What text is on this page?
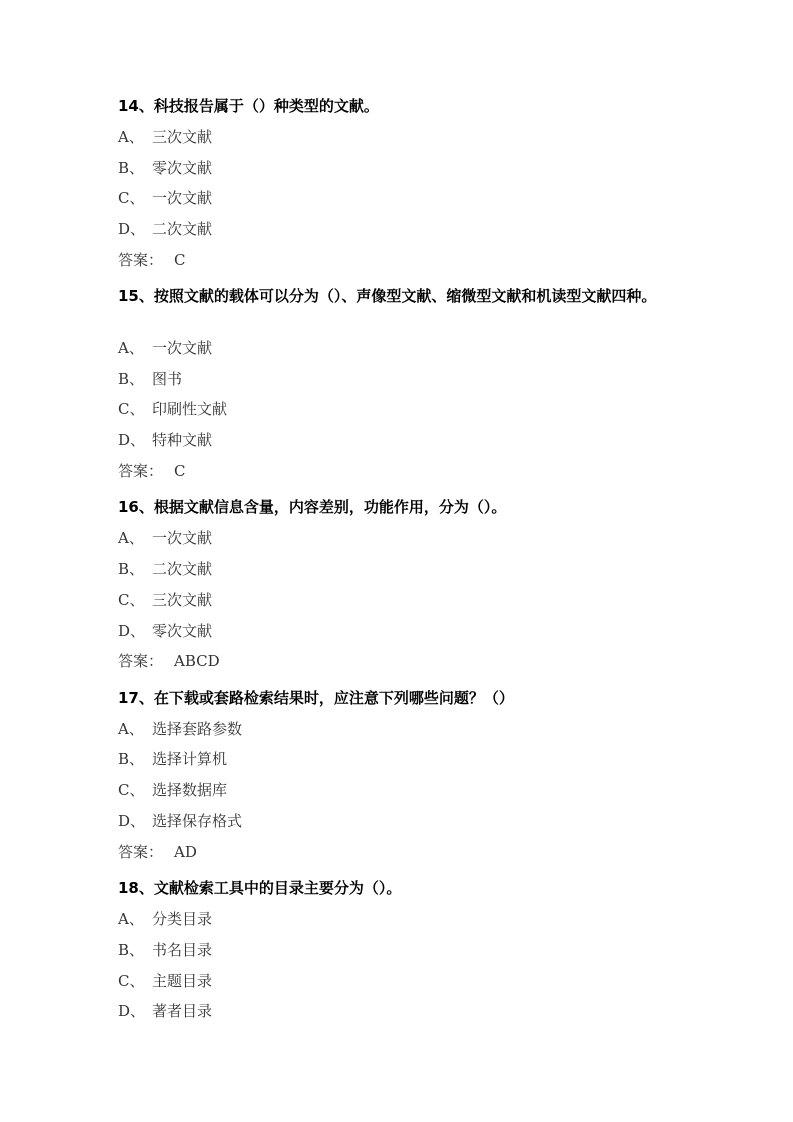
14、科技报告属于（）种类型的文献。
A、 三次文献
B、 零次文献
C、 一次文献
D、 二次文献
答案： C
15、按照文献的载体可以分为（）、声像型文献、缩微型文献和机读型文献四种。
A、 一次文献
B、 图书
C、 印刷性文献
D、 特种文献
答案： C
16、根据文献信息含量，内容差别，功能作用，分为（）。
A、 一次文献
B、 二次文献
C、 三次文献
D、 零次文献
答案： ABCD
17、在下载或套路检索结果时，应注意下列哪些问题？（）
A、 选择套路参数
B、 选择计算机
C、 选择数据库
D、 选择保存格式
答案： AD
18、文献检索工具中的目录主要分为（）。
A、 分类目录
B、 书名目录
C、 主题目录
D、 著者目录
